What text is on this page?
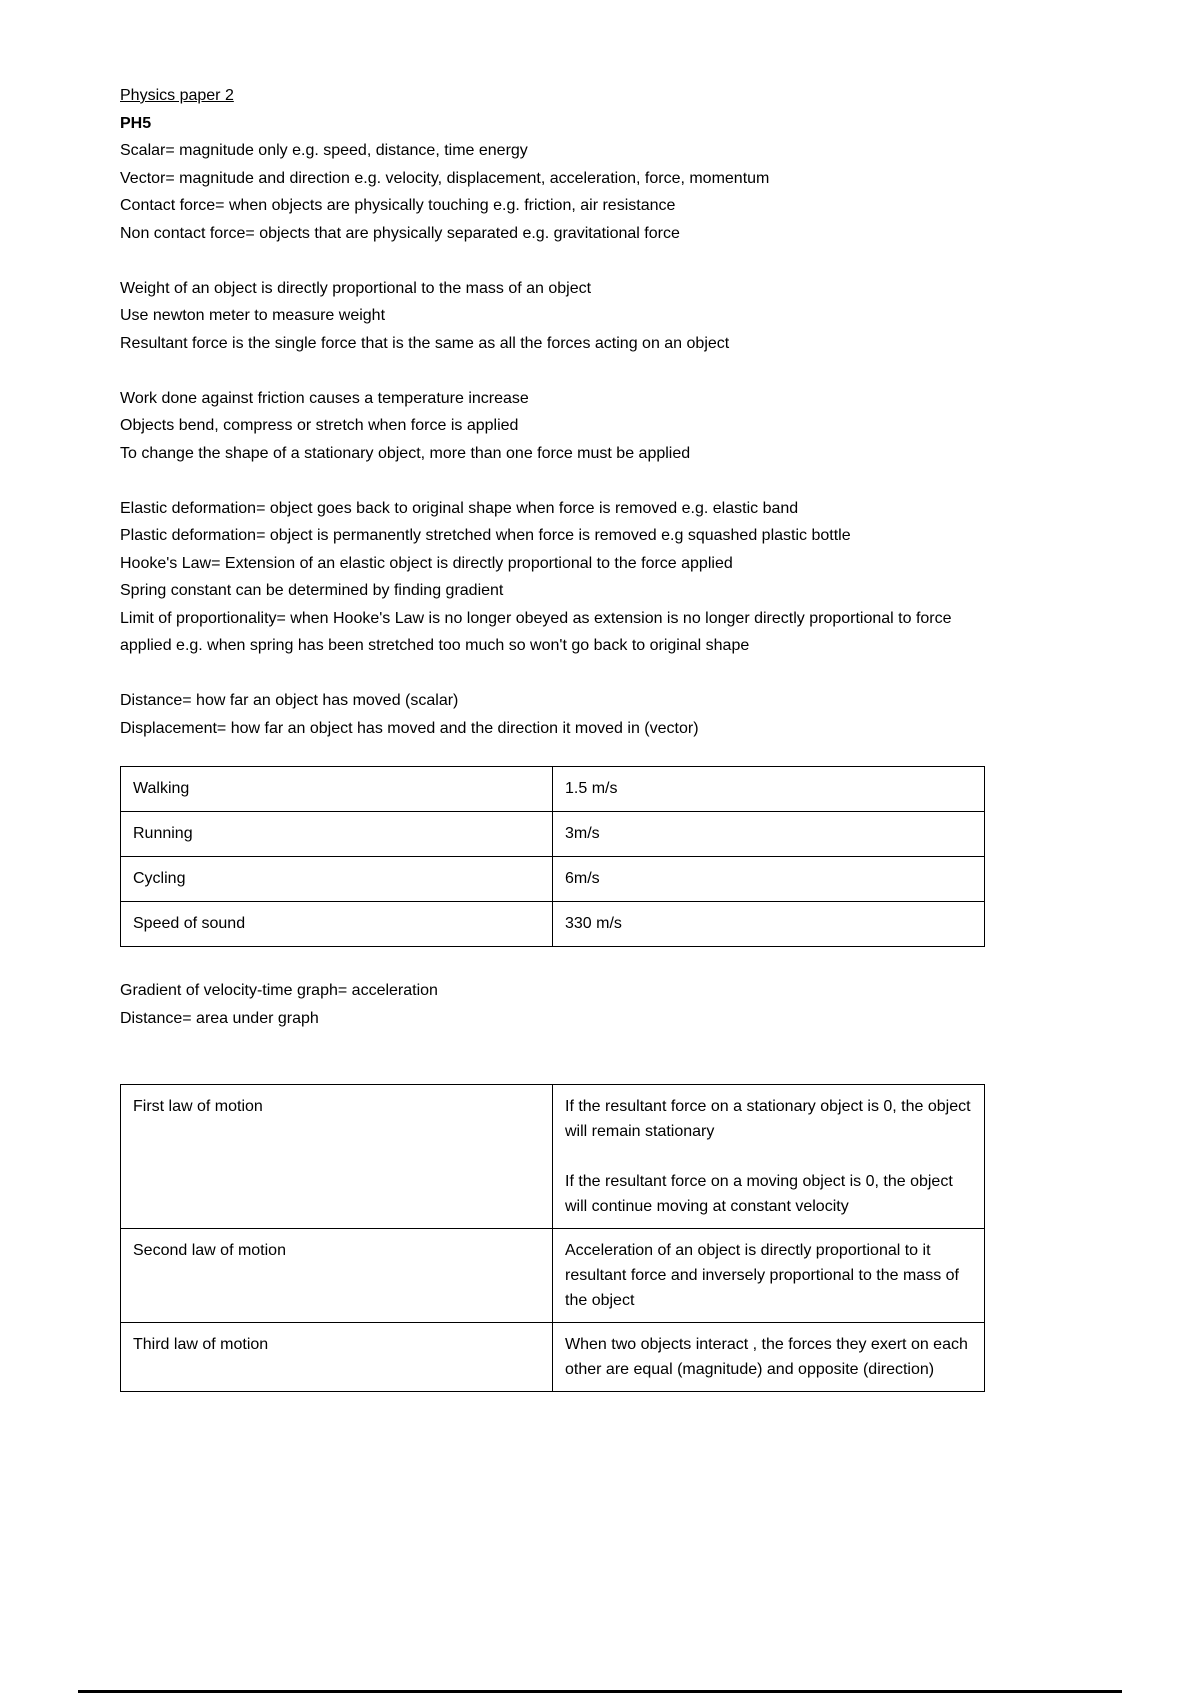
Physics paper 2
PH5
Scalar= magnitude only e.g. speed, distance, time energy
Vector= magnitude and direction e.g. velocity, displacement, acceleration, force, momentum
Contact force= when objects are physically touching e.g. friction, air resistance
Non contact force= objects that are physically separated e.g. gravitational force
Weight of an object is directly proportional to the mass of an object
Use newton meter to measure weight
Resultant force is the single force that is the same as all the forces acting on an object
Work done against friction causes a temperature increase
Objects bend, compress or stretch when force is applied
To change the shape of a stationary object, more than one force must be applied
Elastic deformation= object goes back to original shape when force is removed e.g. elastic band
Plastic deformation= object is permanently stretched when force is removed e.g squashed plastic bottle
Hooke's Law= Extension of an elastic object is directly proportional to the force applied
Spring constant can be determined by finding gradient
Limit of proportionality= when Hooke's Law is no longer obeyed as extension is no longer directly proportional to force applied e.g. when spring has been stretched too much so won't go back to original shape
Distance= how far an object has moved (scalar)
Displacement= how far an object has moved and the direction it moved in (vector)
Walking	1.5 m/s
Running	3m/s
Cycling	6m/s
Speed of sound	330 m/s
Gradient of velocity-time graph= acceleration
Distance= area under graph
First law of motion	If the resultant force on a stationary object is 0, the object will remain stationary

If the resultant force on a moving object is 0, the object will continue moving at constant velocity

Second law of motion	Acceleration of an object is directly proportional to it resultant force and inversely proportional to the mass of the object

Third law of motion	When two objects interact , the forces they exert on each other are equal (magnitude) and opposite (direction)
